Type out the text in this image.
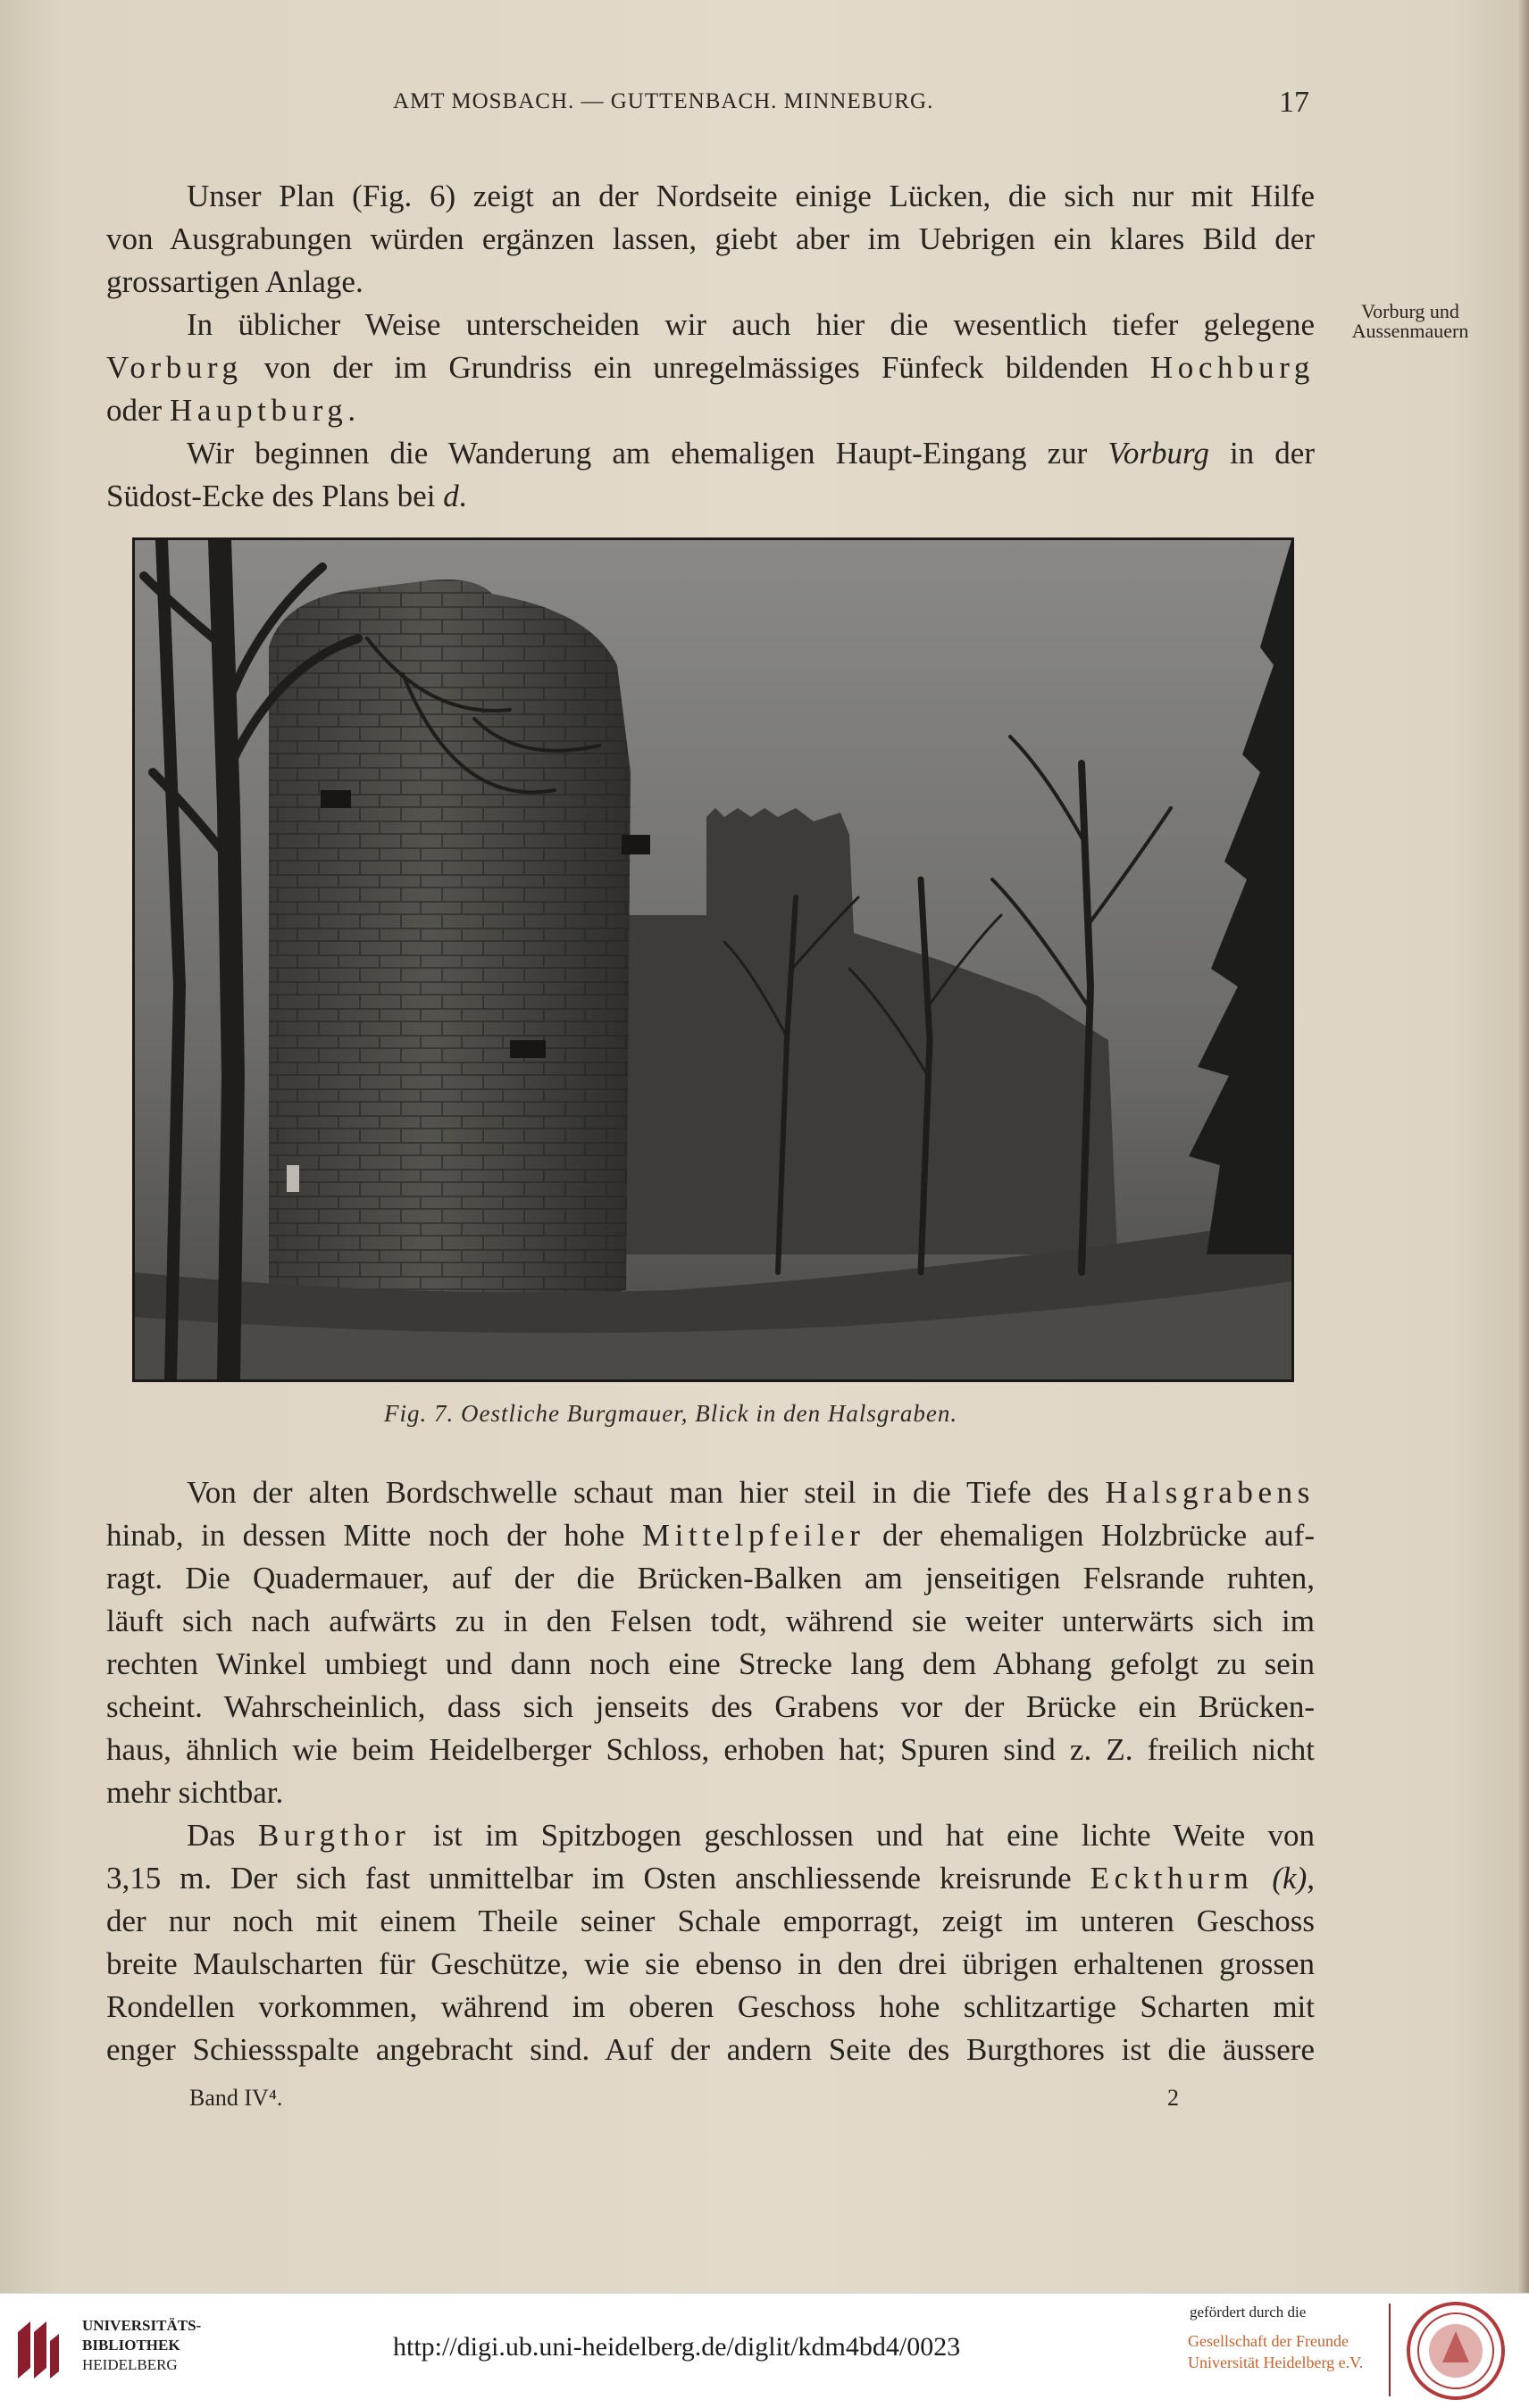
AMT MOSBACH. — GUTTENBACH. MINNEBURG.	17
Unser Plan (Fig. 6) zeigt an der Nordseite einige Lücken, die sich nur mit Hilfe
von Ausgrabungen würden ergänzen lassen, giebt aber im Uebrigen ein klares Bild der
grossartigen Anlage.
Vorburg und
Aussenmauern
In üblicher Weise unterscheiden wir auch hier die wesentlich tiefer gelegene
Vorburg von der im Grundriss ein unregelmässiges Fünfeck bildenden Hochburg
oder Hauptburg.
Wir beginnen die Wanderung am ehemaligen Haupt-Eingang zur Vorburg in der
Südost-Ecke des Plans bei d.
Fig. 7. Oestliche Burgmauer, Blick in den Halsgraben.
Von der alten Bordschwelle schaut man hier steil in die Tiefe des Halsgrabens
hinab, in dessen Mitte noch der hohe Mittelpfeiler der ehemaligen Holzbrücke auf-
ragt. Die Quadermauer, auf der die Brücken-Balken am jenseitigen Felsrande ruhten,
läuft sich nach aufwärts zu in den Felsen todt, während sie weiter unterwärts sich im
rechten Winkel umbiegt und dann noch eine Strecke lang dem Abhang gefolgt zu sein
scheint. Wahrscheinlich, dass sich jenseits des Grabens vor der Brücke ein Brücken-
haus, ähnlich wie beim Heidelberger Schloss, erhoben hat; Spuren sind z. Z. freilich nicht
mehr sichtbar.
Das Burgthor ist im Spitzbogen geschlossen und hat eine lichte Weite von
3,15 m. Der sich fast unmittelbar im Osten anschliessende kreisrunde Eckthurm (k),
der nur noch mit einem Theile seiner Schale emporragt, zeigt im unteren Geschoss
breite Maulscharten für Geschütze, wie sie ebenso in den drei übrigen erhaltenen grossen
Rondellen vorkommen, während im oberen Geschoss hohe schlitzartige Scharten mit
enger Schiessspalte angebracht sind. Auf der andern Seite des Burgthores ist die äussere
Band IV⁴.	2
UNIVERSITÄTS-
BIBLIOTHEK
HEIDELBERG
http://digi.ub.uni-heidelberg.de/diglit/kdm4bd4/0023
gefördert durch die
Gesellschaft der Freunde
Universität Heidelberg e.V.
